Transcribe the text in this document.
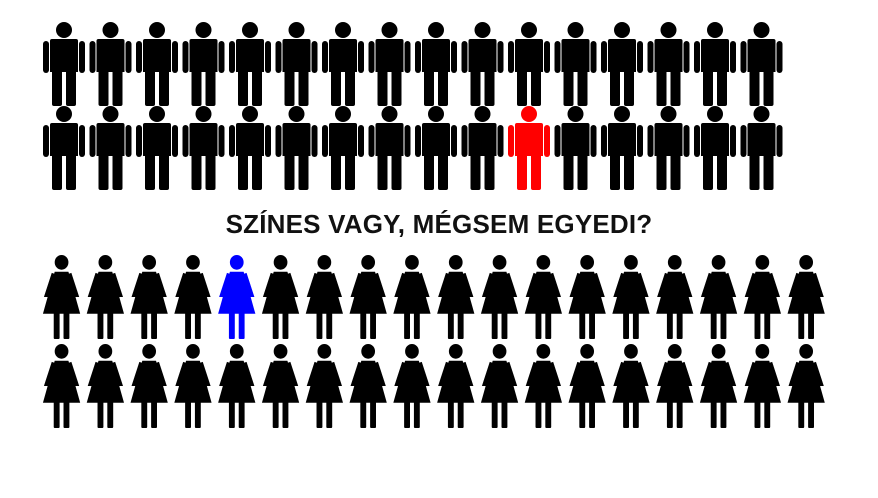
SZÍNES VAGY, MÉGSEM EGYEDI?
